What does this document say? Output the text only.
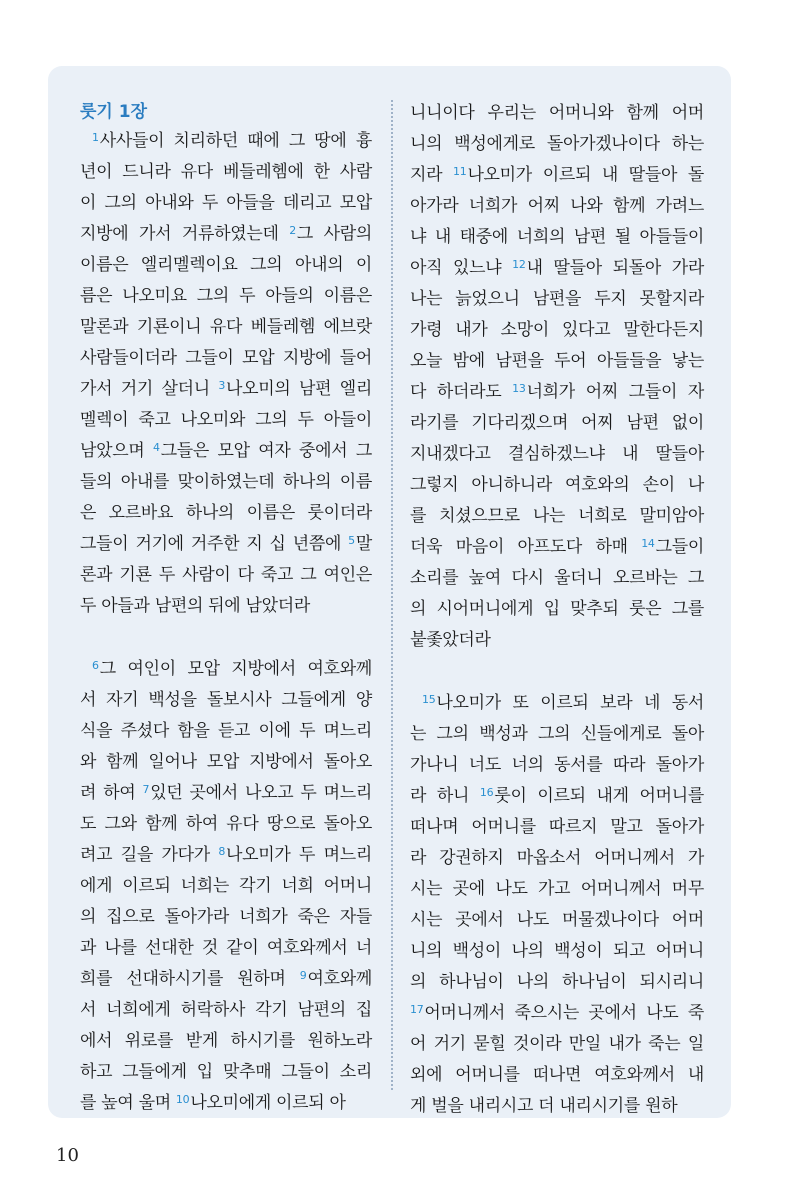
룻기 1장
$^1$사사들이 치리하던 때에 그 땅에 흉
년이 드니라 유다 베들레헴에 한 사람
이 그의 아내와 두 아들을 데리고 모압
지방에 가서 거류하였는데 $^2$그 사람의
이름은 엘리멜렉이요 그의 아내의 이
름은 나오미요 그의 두 아들의 이름은
말론과 기룐이니 유다 베들레헴 에브랏
사람들이더라 그들이 모압 지방에 들어
가서 거기 살더니 $^3$나오미의 남편 엘리
멜렉이 죽고 나오미와 그의 두 아들이
남았으며 $^4$그들은 모압 여자 중에서 그
들의 아내를 맞이하였는데 하나의 이름
은 오르바요 하나의 이름은 룻이더라
그들이 거기에 거주한 지 십 년쯤에 $^5$말
론과 기룐 두 사람이 다 죽고 그 여인은
두 아들과 남편의 뒤에 남았더라
$^6$그 여인이 모압 지방에서 여호와께
서 자기 백성을 돌보시사 그들에게 양
식을 주셨다 함을 듣고 이에 두 며느리
와 함께 일어나 모압 지방에서 돌아오
려 하여 $^7$있던 곳에서 나오고 두 며느리
도 그와 함께 하여 유다 땅으로 돌아오
려고 길을 가다가 $^8$나오미가 두 며느리
에게 이르되 너희는 각기 너희 어머니
의 집으로 돌아가라 너희가 죽은 자들
과 나를 선대한 것 같이 여호와께서 너
희를 선대하시기를 원하며 $^9$여호와께
서 너희에게 허락하사 각기 남편의 집
에서 위로를 받게 하시기를 원하노라
하고 그들에게 입 맞추매 그들이 소리
를 높여 울며 $^{10}$나오미에게 이르되 아
니니이다 우리는 어머니와 함께 어머
니의 백성에게로 돌아가겠나이다 하는
지라 $^{11}$나오미가 이르되 내 딸들아 돌
아가라 너희가 어찌 나와 함께 가려느
냐 내 태중에 너희의 남편 될 아들들이
아직 있느냐 $^{12}$내 딸들아 되돌아 가라
나는 늙었으니 남편을 두지 못할지라
가령 내가 소망이 있다고 말한다든지
오늘 밤에 남편을 두어 아들들을 낳는
다 하더라도 $^{13}$너희가 어찌 그들이 자
라기를 기다리겠으며 어찌 남편 없이
지내겠다고 결심하겠느냐 내 딸들아
그렇지 아니하니라 여호와의 손이 나
를 치셨으므로 나는 너희로 말미암아
더욱 마음이 아프도다 하매 $^{14}$그들이
소리를 높여 다시 울더니 오르바는 그
의 시어머니에게 입 맞추되 룻은 그를
붙좇았더라
$^{15}$나오미가 또 이르되 보라 네 동서
는 그의 백성과 그의 신들에게로 돌아
가나니 너도 너의 동서를 따라 돌아가
라 하니 $^{16}$룻이 이르되 내게 어머니를
떠나며 어머니를 따르지 말고 돌아가
라 강권하지 마옵소서 어머니께서 가
시는 곳에 나도 가고 어머니께서 머무
시는 곳에서 나도 머물겠나이다 어머
니의 백성이 나의 백성이 되고 어머니
의 하나님이 나의 하나님이 되시리니
$^{17}$어머니께서 죽으시는 곳에서 나도 죽
어 거기 묻힐 것이라 만일 내가 죽는 일
외에 어머니를 떠나면 여호와께서 내
게 벌을 내리시고 더 내리시기를 원하
10
